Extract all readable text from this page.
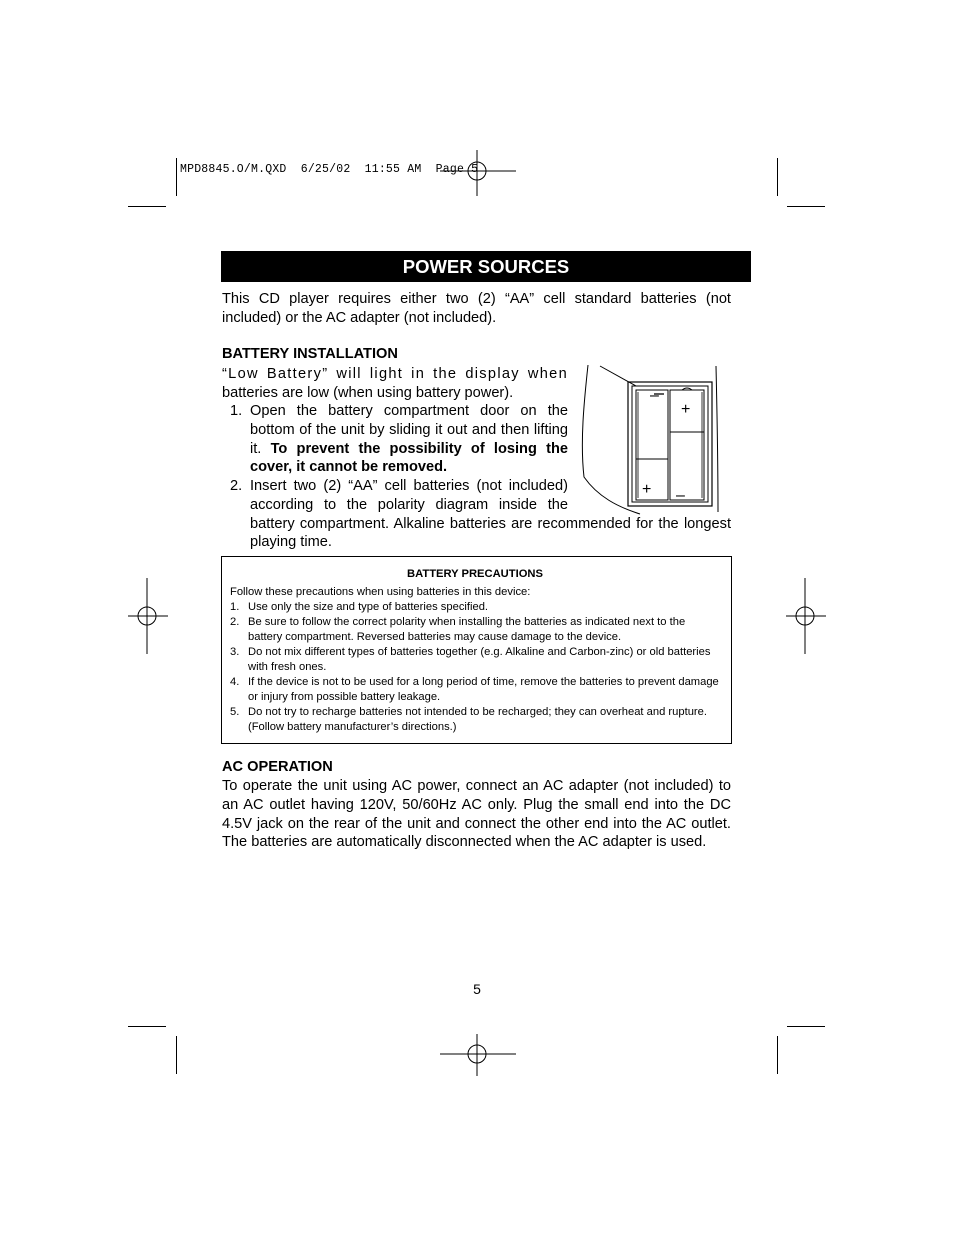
MPD8845.O/M.QXD  6/25/02  11:55 AM  Page 5
POWER SOURCES
This CD player requires either two (2) “AA” cell standard batteries (not included) or the AC adapter (not included).
BATTERY INSTALLATION
“Low Battery” will light in the display when
batteries are low (when using battery power).
1. Open the battery compartment door on the bottom of the unit by sliding it out and then lifting it. To prevent the possibility of losing the cover, it cannot be removed.
2. Insert two (2) “AA” cell batteries (not included) according to the polarity diagram inside the
battery compartment. Alkaline batteries are recommended for the longest playing time.
+
–
+
–
BATTERY PRECAUTIONS
Follow these precautions when using batteries in this device:
1. Use only the size and type of batteries specified.
2. Be sure to follow the correct polarity when installing the batteries as indicated next to the battery compartment. Reversed batteries may cause damage to the device.
3. Do not mix different types of batteries together (e.g. Alkaline and Carbon-zinc) or old batteries with fresh ones.
4. If the device is not to be used for a long period of time, remove the batteries to prevent damage or injury from possible battery leakage.
5. Do not try to recharge batteries not intended to be recharged; they can overheat and rupture. (Follow battery manufacturer’s directions.)
AC OPERATION
To operate the unit using AC power, connect an AC adapter (not included) to an AC outlet having 120V, 50/60Hz AC only. Plug the small end into the DC 4.5V jack on the rear of the unit and connect the other end into the AC outlet. The batteries are automatically disconnected when the AC adapter is used.
5
